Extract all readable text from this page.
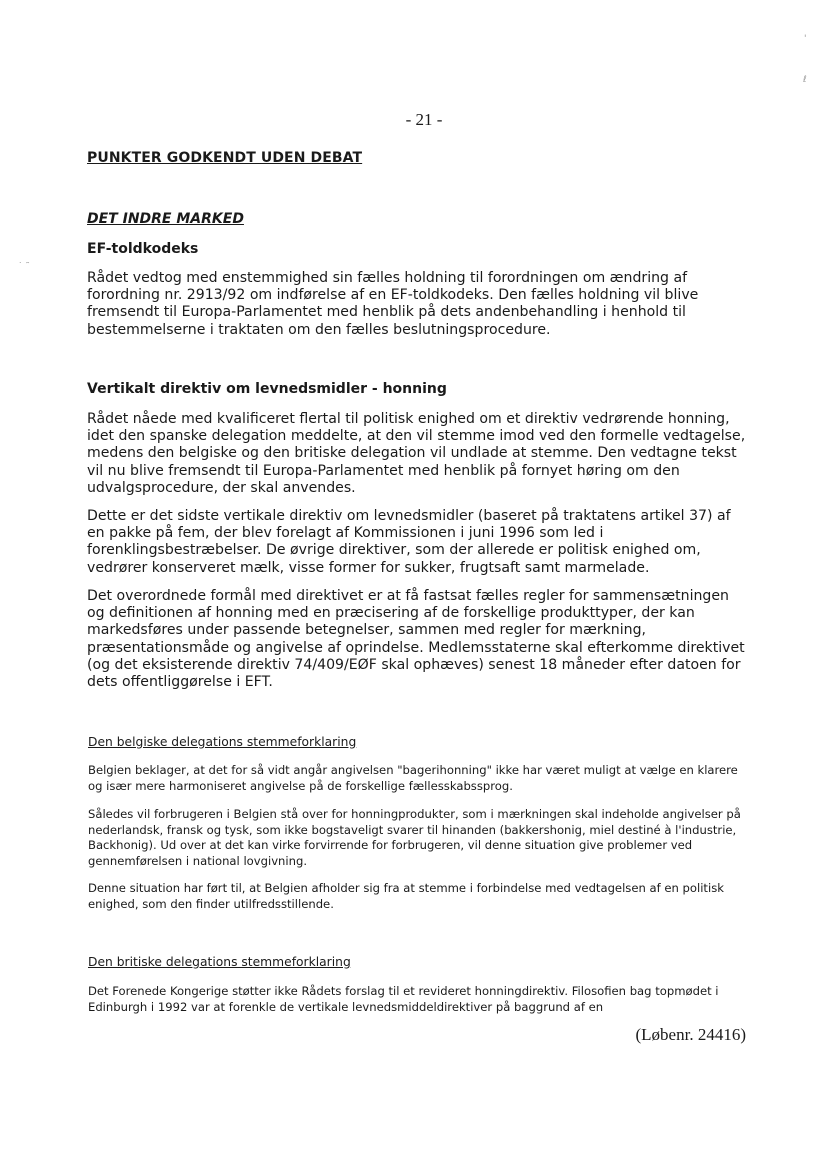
- 21 -
PUNKTER GODKENDT UDEN DEBAT
DET INDRE MARKED
EF-toldkodeks
Rådet vedtog med enstemmighed sin fælles holdning til forordningen om ændring af forordning nr. 2913/92 om indførelse af en EF-toldkodeks. Den fælles holdning vil blive fremsendt til Europa-Parlamentet med henblik på dets andenbehandling i henhold til bestemmelserne i traktaten om den fælles beslutningsprocedure.
Vertikalt direktiv om levnedsmidler - honning
Rådet nåede med kvalificeret flertal til politisk enighed om et direktiv vedrørende honning, idet den spanske delegation meddelte, at den vil stemme imod ved den formelle vedtagelse, medens den belgiske og den britiske delegation vil undlade at stemme. Den vedtagne tekst vil nu blive fremsendt til Europa-Parlamentet med henblik på fornyet høring om den udvalgsprocedure, der skal anvendes.
Dette er det sidste vertikale direktiv om levnedsmidler (baseret på traktatens artikel 37) af en pakke på fem, der blev forelagt af Kommissionen i juni 1996 som led i forenklingsbestræbelser. De øvrige direktiver, som der allerede er politisk enighed om, vedrører konserveret mælk, visse former for sukker, frugtsaft samt marmelade.
Det overordnede formål med direktivet er at få fastsat fælles regler for sammensætningen og definitionen af honning med en præcisering af de forskellige produkttyper, der kan markedsføres under passende betegnelser, sammen med regler for mærkning, præsentationsmåde og angivelse af oprindelse. Medlemsstaterne skal efterkomme direktivet (og det eksisterende direktiv 74/409/EØF skal ophæves) senest 18 måneder efter datoen for dets offentliggørelse i EFT.
Den belgiske delegations stemmeforklaring
Belgien beklager, at det for så vidt angår angivelsen "bagerihonning" ikke har været muligt at vælge en klarere og især mere harmoniseret angivelse på de forskellige fællesskabssprog.
Således vil forbrugeren i Belgien stå over for honningprodukter, som i mærkningen skal indeholde angivelser på nederlandsk, fransk og tysk, som ikke bogstaveligt svarer til hinanden (bakkershonig, miel destiné à l'industrie, Backhonig). Ud over at det kan virke forvirrende for forbrugeren, vil denne situation give problemer ved gennemførelsen i national lovgivning.
Denne situation har ført til, at Belgien afholder sig fra at stemme i forbindelse med vedtagelsen af en politisk enighed, som den finder utilfredsstillende.
Den britiske delegations stemmeforklaring
Det Forenede Kongerige støtter ikke Rådets forslag til et revideret honningdirektiv. Filosofien bag topmødet i Edinburgh i 1992 var at forenkle de vertikale levnedsmiddeldirektiver på baggrund af en
(Løbenr. 24416)
'
ℓ
˙ ˜
